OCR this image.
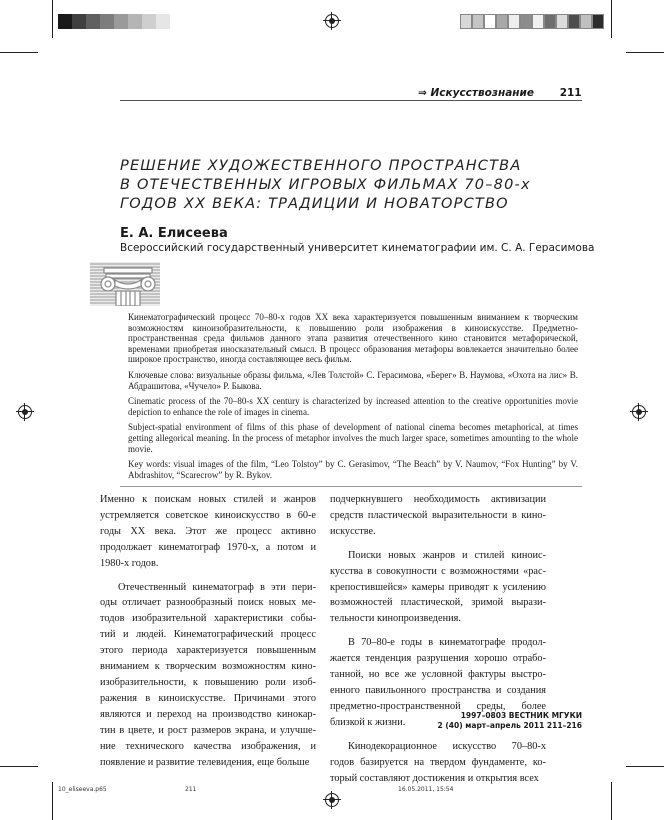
⇒ Искусствознание 211
РЕШЕНИЕ ХУДОЖЕСТВЕННОГО ПРОСТРАНСТВА
В ОТЕЧЕСТВЕННЫХ ИГРОВЫХ ФИЛЬМАХ 70–80-х
ГОДОВ XX ВЕКА: ТРАДИЦИИ И НОВАТОРСТВО
Е. А. Елисеева
Всероссийский государственный университет кинематографии им. С. А. Герасимова

Кинематографический процесс 70–80-х годов XX века характеризуется повышенным вниманием к творческим возможностям киноизобразительности, к повышению роли изображения в киноискусстве. Предметно-пространственная среда фильмов данного этапа развития отечественного кино становится метафорической, временами приобретая иносказательный смысл. В процесс образования метафоры вовлекается значительно более широкое пространство, иногда составляющее весь фильм.

Ключевые слова: визуальные образы фильма, «Лев Толстой» С. Герасимова, «Берег» В. Наумова, «Охота на лис» В. Абдрашитова, «Чучело» Р. Быкова.

Cinematic process of the 70–80-s XX century is characterized by increased attention to the creative opportunities movie depiction to enhance the role of images in cinema.

Subject-spatial environment of films of this phase of development of national cinema becomes metaphorical, at times getting allegorical meaning. In the process of metaphor involves the much larger space, sometimes amounting to the whole movie.

Key words: visual images of the film, “Leo Tolstoy” by C. Gerasimov, “The Beach” by V. Naumov, “Fox Hunting” by V. Abdrashitov, “Scarecrow” by R. Bykov.

Именно к поискам новых стилей и жанров
устремляется советское киноискусство в 60-е
годы XX века. Этот же процесс активно
продолжает кинематограф 1970-х, а потом и
1980-х годов.
Отечественный кинематограф в эти пери-
оды отличает разнообразный поиск новых ме-
тодов изобразительной характеристики собы-
тий и людей. Кинематографический процесс
этого периода характеризуется повышенным
вниманием к творческим возможностям кино-
изобразительности, к повышению роли изоб-
ражения в киноискусстве. Причинами этого
являются и переход на производство кинокар-
тин в цвете, и рост размеров экрана, и улучше-
ние технического качества изображения, и
появление и развитие телевидения, еще больше
подчеркнувшего необходимость активизации
средств пластической выразительности в кино-
искусстве.
Поиски новых жанров и стилей киноис-
кусства в совокупности с возможностями «рас-
крепостившейся» камеры приводят к усилению
возможностей пластической, зримой вырази-
тельности кинопроизведения.
В 70–80-е годы в кинематографе продол-
жается тенденция разрушения хорошо отрабо-
танной, но все же условной фактуры выстро-
енного павильонного пространства и создания
предметно-пространственной среды, более
близкой к жизни.
Кинодекорационное искусство 70–80-х
годов базируется на твердом фундаменте, ко-
торый составляют достижения и открытия всех
1997–0803 ВЕСТНИК МГУКИ
2 (40) март–апрель 2011 211–216
10_eliseeva.p65	211	16.05.2011, 15:54
